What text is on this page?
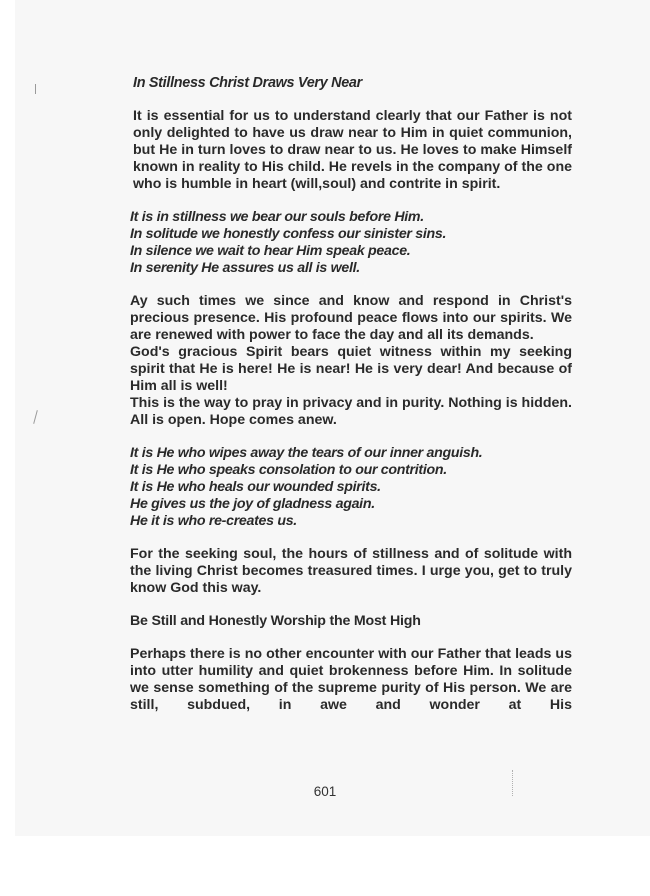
In Stillness Christ Draws Very Near

It is essential for us to understand clearly that our Father is not only delighted to have us draw near to Him in quiet communion, but He in turn loves to draw near to us. He loves to make Himself known in reality to His child. He revels in the company of the one who is humble in heart (will,soul) and contrite in spirit.

It is in stillness we bear our souls before Him.
In solitude we honestly confess our sinister sins.
In silence we wait to hear Him speak peace.
In serenity He assures us all is well.

Ay such times we since and know and respond in Christ's precious presence. His profound peace flows into our spirits. We are renewed with power to face the day and all its demands.

God's gracious Spirit bears quiet witness within my seeking spirit that He is here! He is near! He is very dear! And because of Him all is well!

This is the way to pray in privacy and in purity. Nothing is hidden. All is open. Hope comes anew.

It is He who wipes away the tears of our inner anguish.
It is He who speaks consolation to our contrition.
It is He who heals our wounded spirits.
He gives us the joy of gladness again.
He it is who re-creates us.

For the seeking soul, the hours of stillness and of solitude with the living Christ becomes treasured times. I urge you, get to truly know God this way.

Be Still and Honestly Worship the Most High

Perhaps there is no other encounter with our Father that leads us into utter humility and quiet brokenness before Him. In solitude we sense something of the supreme purity of His person. We are still, subdued, in awe and wonder at His

601
